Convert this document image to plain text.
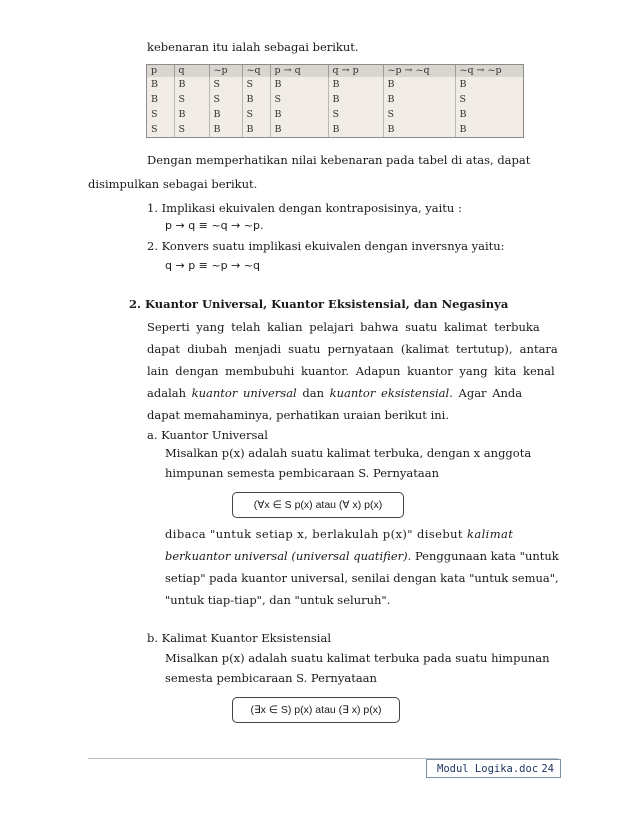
kebenaran itu ialah sebagai berikut.
p	q	~p	~q	p → q	q → p	~p → ~q	~q → ~p
B	B	S	S	B	B	B	B
B	S	S	B	S	B	B	S
S	B	B	S	B	S	S	B
S	S	B	B	B	B	B	B
Dengan memperhatikan nilai kebenaran pada tabel di atas, dapat
disimpulkan sebagai berikut.
1. Implikasi ekuivalen dengan kontraposisinya, yaitu :
p → q ≡ ~q → ~p.
2. Konvers suatu implikasi ekuivalen dengan inversnya yaitu:
q → p ≡ ~p → ~q
2. Kuantor Universal, Kuantor Eksistensial, dan Negasinya
Seperti yang telah kalian pelajari bahwa suatu kalimat terbuka
dapat diubah menjadi suatu pernyataan (kalimat tertutup), antara
lain dengan membubuhi kuantor. Adapun kuantor yang kita kenal
adalah kuantor universal dan kuantor eksistensial. Agar Anda
dapat memahaminya, perhatikan uraian berikut ini.
a. Kuantor Universal
Misalkan p(x) adalah suatu kalimat terbuka, dengan x anggota
himpunan semesta pembicaraan S. Pernyataan
(∀x ∈ S p(x) atau (∀ x) p(x)
dibaca "untuk setiap x, berlakulah p(x)" disebut kalimat
berkuantor universal (universal quatifier). Penggunaan kata "untuk
setiap" pada kuantor universal, senilai dengan kata "untuk semua",
"untuk tiap-tiap", dan "untuk seluruh".
b. Kalimat Kuantor Eksistensial
Misalkan p(x) adalah suatu kalimat terbuka pada suatu himpunan
semesta pembicaraan S. Pernyataan
(∃x ∈ S) p(x) atau (∃ x) p(x)
Modul Logika.doc 24
